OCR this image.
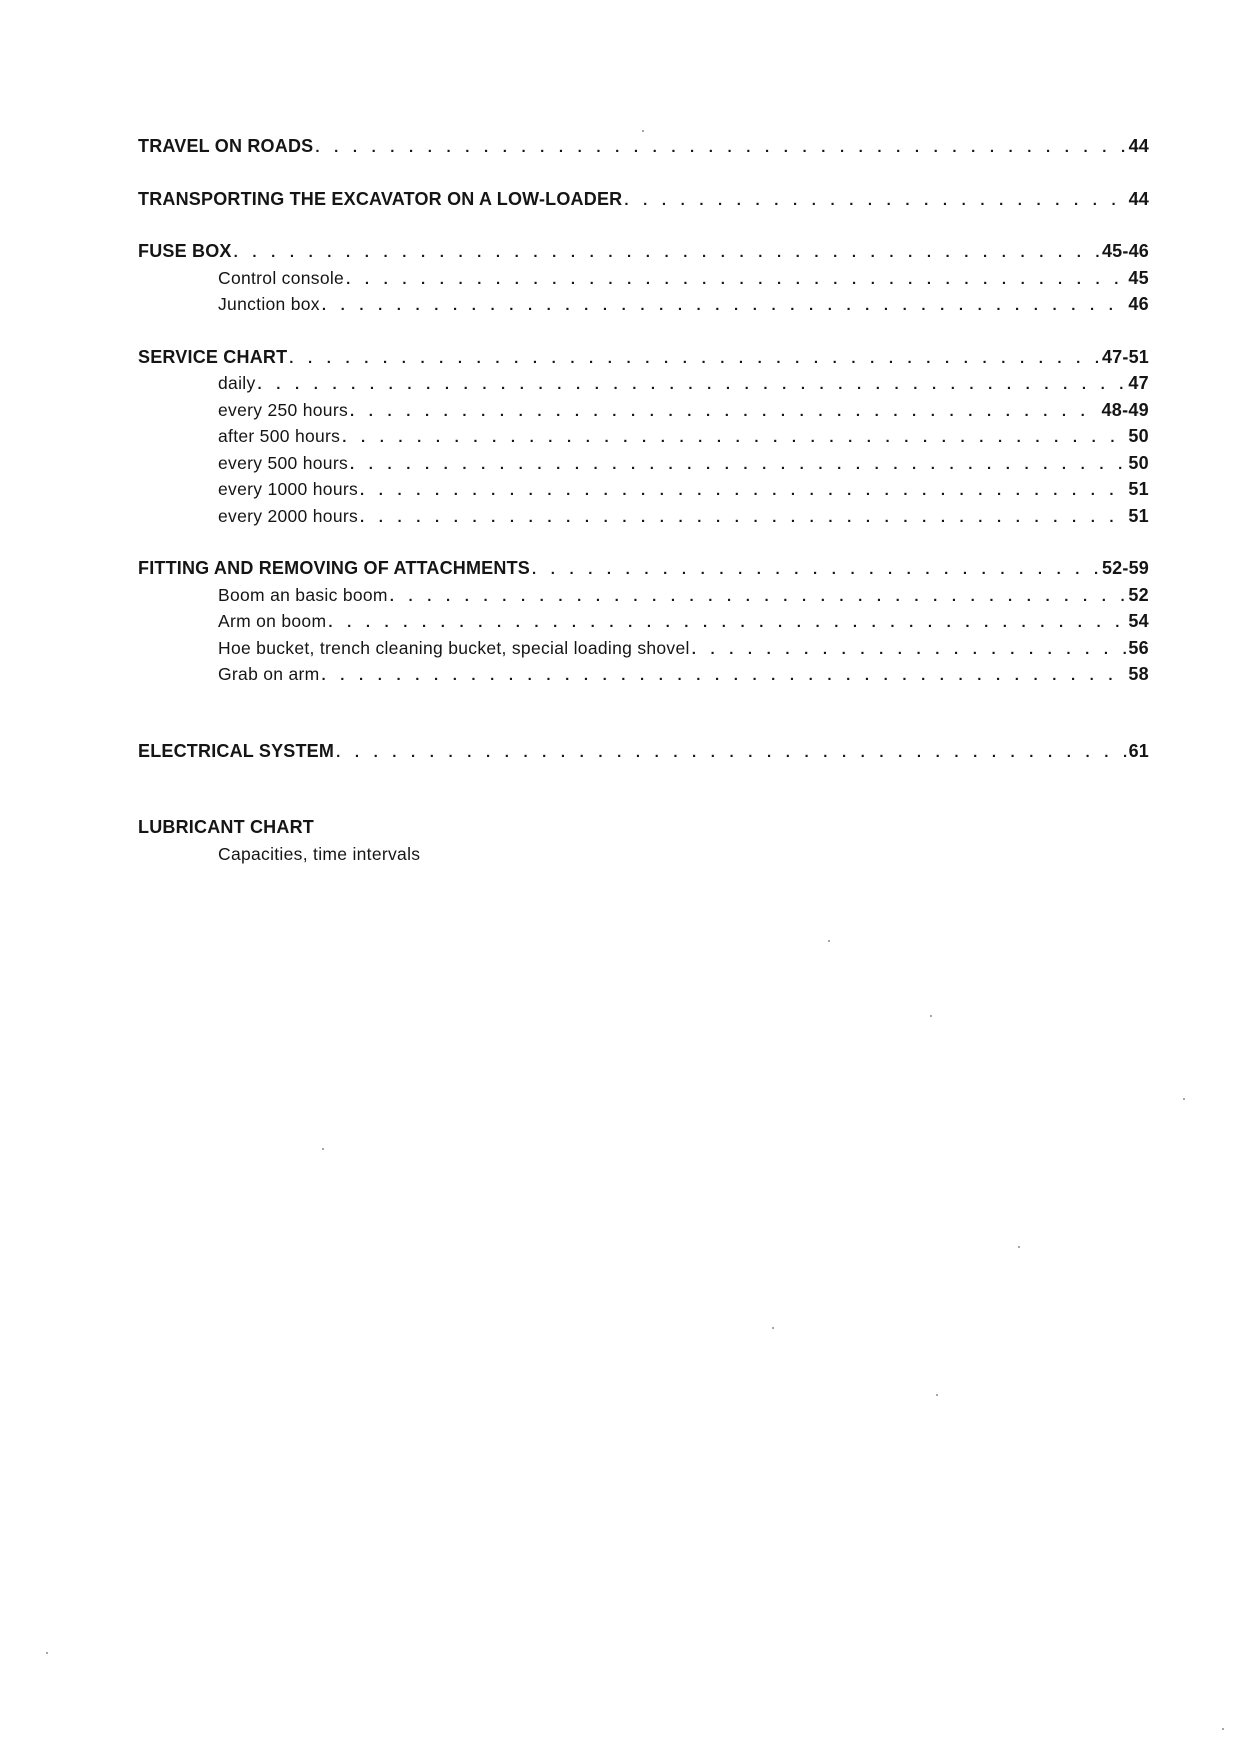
TRAVEL ON ROADS . . .	44
TRANSPORTING THE EXCAVATOR ON A LOW-LOADER . . .	44
FUSE BOX . . .	45-46
Control console . . .	45
Junction box . . .	46
SERVICE CHART . . .	47-51
daily . . .	47
every 250 hours . . .	48-49
after 500 hours . . .	50
every 500 hours . . .	50
every 1000 hours . . .	51
every 2000 hours . . .	51
FITTING AND REMOVING OF ATTACHMENTS . . .	52-59
Boom an basic boom . . .	52
Arm on boom . . .	54
Hoe bucket, trench cleaning bucket, special loading shovel . . .	56
Grab on arm . . .	58
ELECTRICAL SYSTEM . . .	61
LUBRICANT CHART
Capacities, time intervals
